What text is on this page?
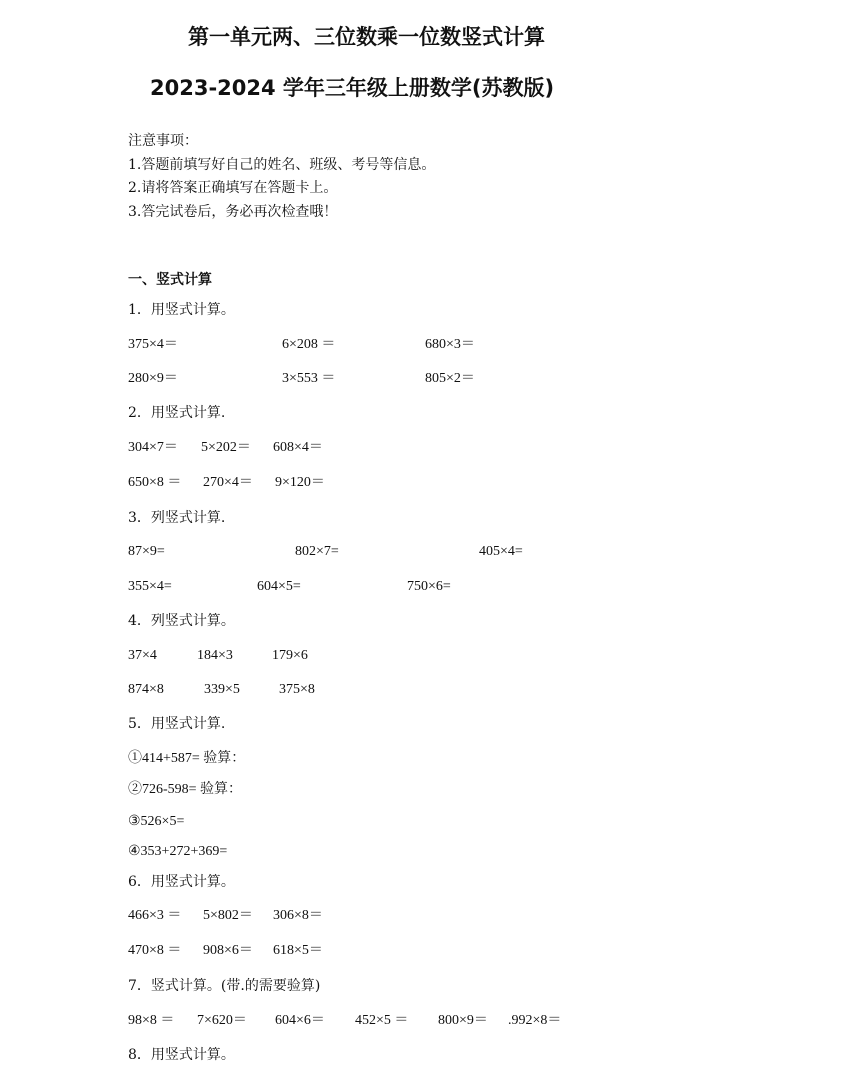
第一单元两、三位数乘一位数竖式计算
2023-2024 学年三年级上册数学(苏教版)
注意事项：
1.答题前填写好自己的姓名、班级、考号等信息。
2.请将答案正确填写在答题卡上。
3.答完试卷后，务必再次检查哦！
一、竖式计算
1．用竖式计算。
375×4＝	6×208 ＝	680×3＝
280×9＝	3×553 ＝	805×2＝
2．用竖式计算.
304×7＝ 5×202＝ 608×4＝
650×8 ＝ 270×4＝ 9×120＝
3．列竖式计算.
87×9=	802×7=	405×4=
355×4=	604×5=	750×6=
4．列竖式计算。
37×4	184×3	179×6
874×8	339×5	375×8
5．用竖式计算.
①414+587= 验算：
②726-598= 验算：
③526×5=
④353+272+369=
6．用竖式计算。
466×3 ＝ 5×802＝ 306×8＝
470×8 ＝ 908×6＝ 618×5＝
7．竖式计算。(带.的需要验算)
98×8 ＝ 7×620＝ 604×6＝ 452×5 ＝ 800×9＝ .992×8＝
8．用竖式计算。
